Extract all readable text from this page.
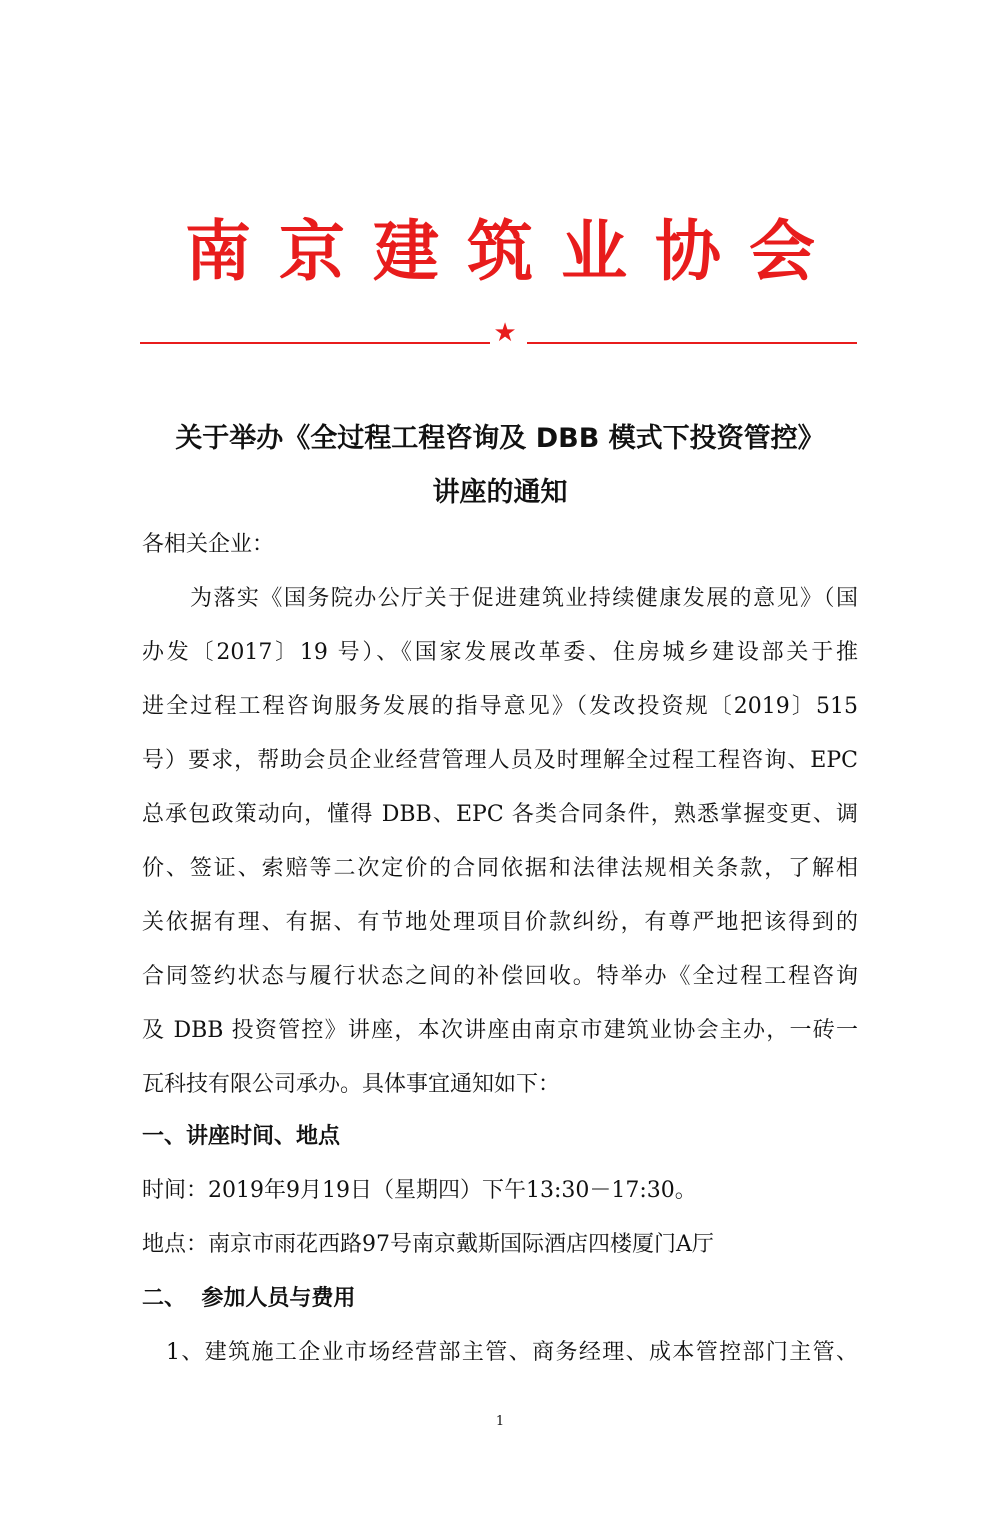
南京建筑业协会
★
关于举办《全过程工程咨询及 DBB 模式下投资管控》
讲座的通知
各相关企业：
为落实《国务院办公厅关于促进建筑业持续健康发展的意见》（国
办发〔2017〕19 号）、《国家发展改革委、住房城乡建设部关于推
进全过程工程咨询服务发展的指导意见》（发改投资规〔2019〕515
号）要求，帮助会员企业经营管理人员及时理解全过程工程咨询、EPC
总承包政策动向，懂得 DBB、EPC 各类合同条件，熟悉掌握变更、调
价、签证、索赔等二次定价的合同依据和法律法规相关条款，了解相
关依据有理、有据、有节地处理项目价款纠纷，有尊严地把该得到的
合同签约状态与履行状态之间的补偿回收。特举办《全过程工程咨询
及 DBB 投资管控》讲座，本次讲座由南京市建筑业协会主办，一砖一
瓦科技有限公司承办。具体事宜通知如下：
一、讲座时间、地点
时间：2019年9月19日（星期四）下午13:30－17:30。
地点：南京市雨花西路97号南京戴斯国际酒店四楼厦门A厅
二、  参加人员与费用
1、建筑施工企业市场经营部主管、商务经理、成本管控部门主管、
1
